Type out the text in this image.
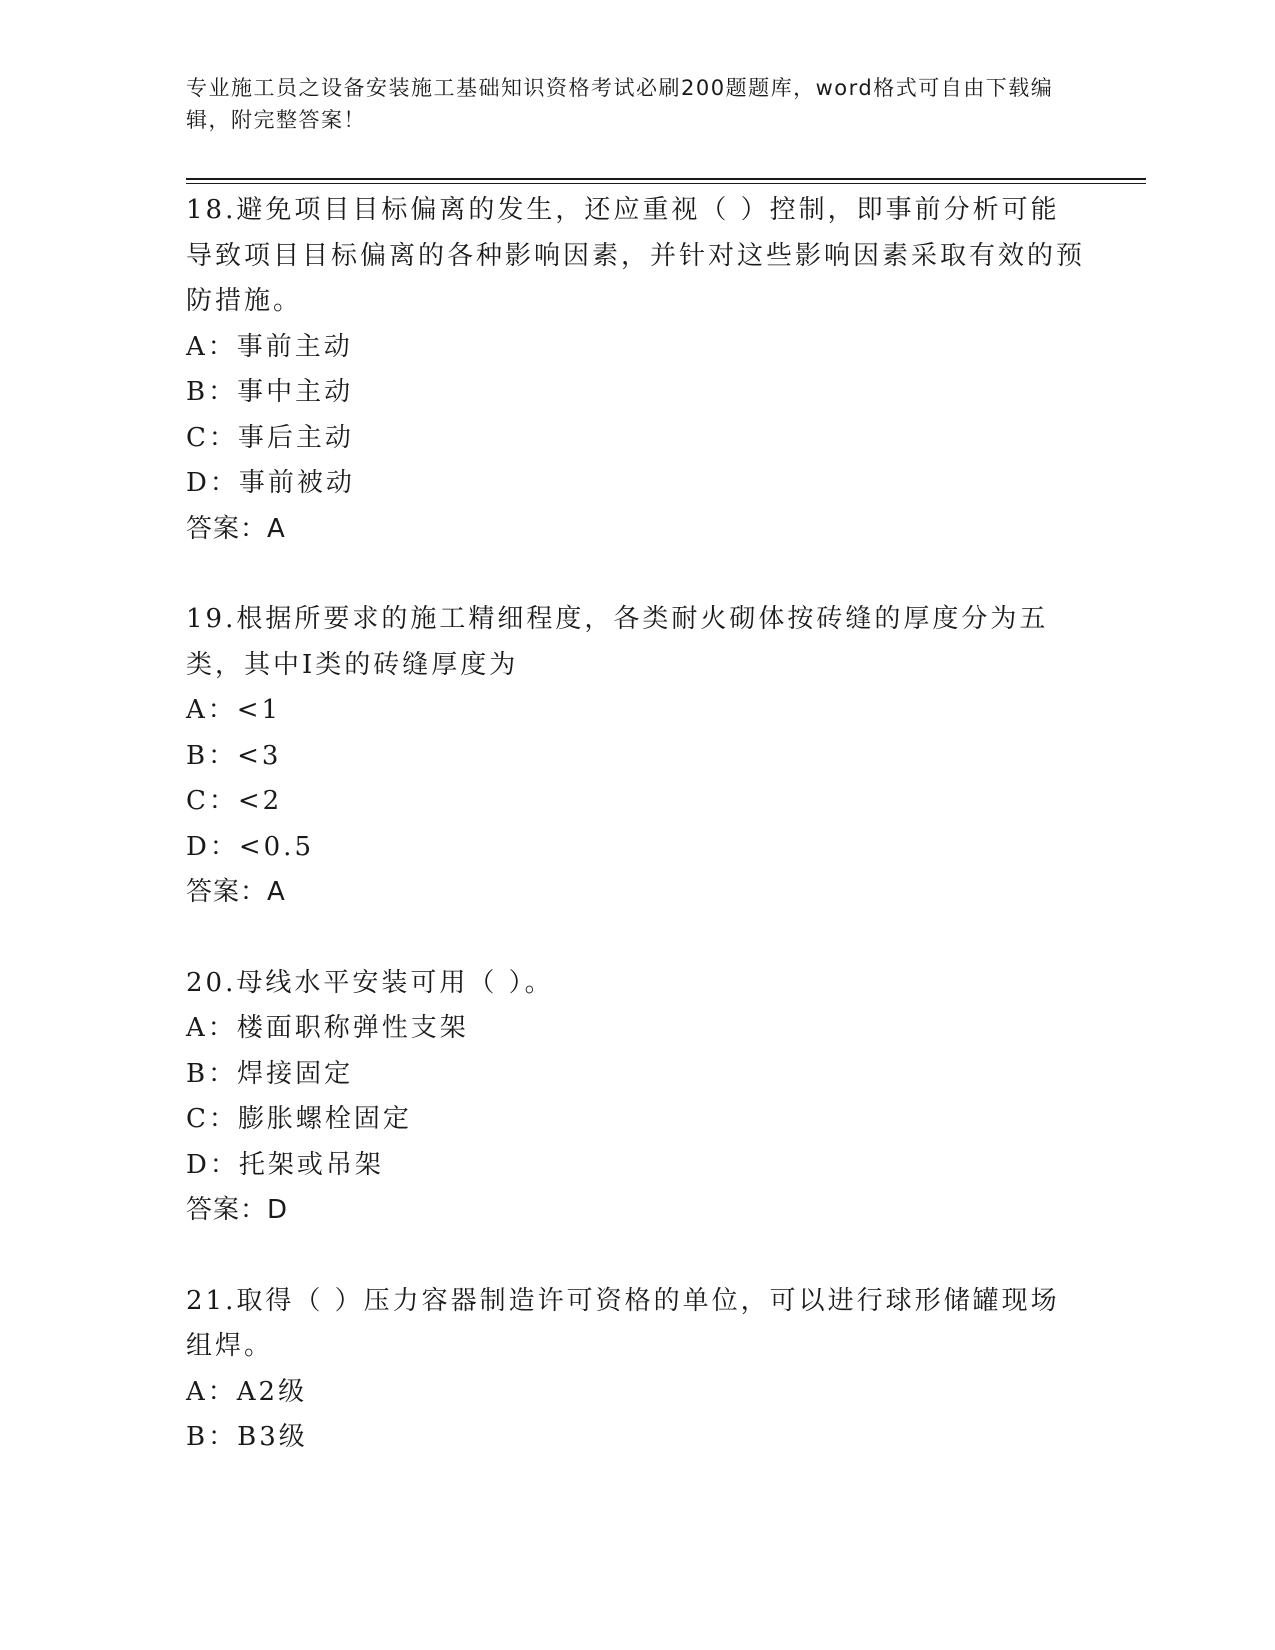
专业施工员之设备安装施工基础知识资格考试必刷200题题库，word格式可自由下载编辑，附完整答案！
18.避免项目目标偏离的发生，还应重视（ ）控制，即事前分析可能导致项目目标偏离的各种影响因素，并针对这些影响因素采取有效的预防措施。
A：事前主动
B：事中主动
C：事后主动
D：事前被动
答案：A
19.根据所要求的施工精细程度，各类耐火砌体按砖缝的厚度分为五类，其中Ⅰ类的砖缝厚度为
A：<1
B：<3
C：<2
D：<0.5
答案：A
20.母线水平安装可用（ ）。
A：楼面职称弹性支架
B：焊接固定
C：膨胀螺栓固定
D：托架或吊架
答案：D
21.取得（ ）压力容器制造许可资格的单位，可以进行球形储罐现场组焊。
A：A2级
B：B3级
